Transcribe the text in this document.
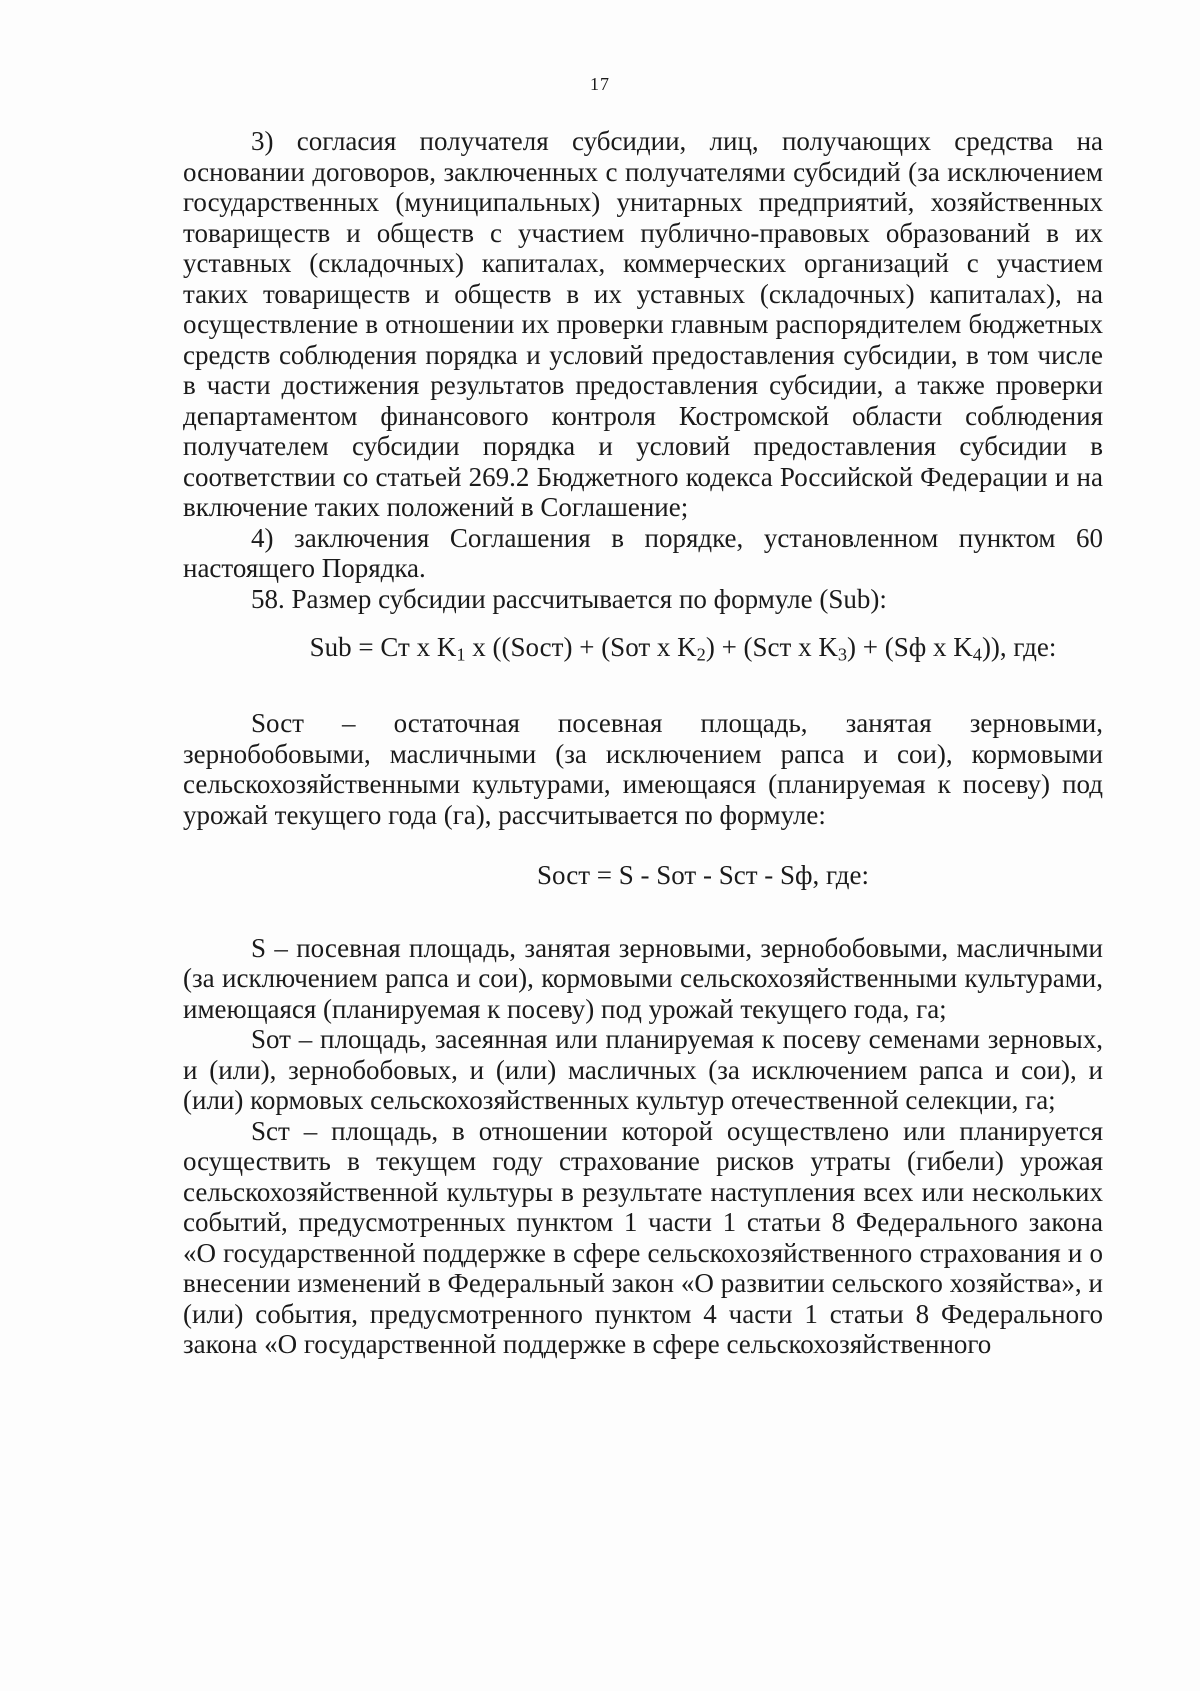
17

3) согласия получателя субсидии, лиц, получающих средства на основании договоров, заключенных с получателями субсидий (за исключением государственных (муниципальных) унитарных предприятий, хозяйственных товариществ и обществ с участием публично-правовых образований в их уставных (складочных) капиталах, коммерческих организаций с участием таких товариществ и обществ в их уставных (складочных) капиталах), на осуществление в отношении их проверки главным распорядителем бюджетных средств соблюдения порядка и условий предоставления субсидии, в том числе в части достижения результатов предоставления субсидии, а также проверки департаментом финансового контроля Костромской области соблюдения получателем субсидии порядка и условий предоставления субсидии в соответствии со статьей 269.2 Бюджетного кодекса Российской Федерации и на включение таких положений в Соглашение;

4) заключения Соглашения в порядке, установленном пунктом 60 настоящего Порядка.

58. Размер субсидии рассчитывается по формуле (Sub):

Sub = Ст х $K_1$ х ((Sост) + (Sот х $K_2) + (Sст$ х $K_3) + (Sф$ х $K_4$)), где:

Sост – остаточная посевная площадь, занятая зерновыми, зернобобовыми, масличными (за исключением рапса и сои), кормовыми сельскохозяйственными культурами, имеющаяся (планируемая к посеву) под урожай текущего года (га), рассчитывается по формуле:

Sост = S - Sот - Sст - Sф, где:

S – посевная площадь, занятая зерновыми, зернобобовыми, масличными (за исключением рапса и сои), кормовыми сельскохозяйственными культурами, имеющаяся (планируемая к посеву) под урожай текущего года, га;

Sот – площадь, засеянная или планируемая к посеву семенами зерновых, и (или), зернобобовых, и (или) масличных (за исключением рапса и сои), и (или) кормовых сельскохозяйственных культур отечественной селекции, га;

Sст – площадь, в отношении которой осуществлено или планируется осуществить в текущем году страхование рисков утраты (гибели) урожая сельскохозяйственной культуры в результате наступления всех или нескольких событий, предусмотренных пунктом 1 части 1 статьи 8 Федерального закона «О государственной поддержке в сфере сельскохозяйственного страхования и о внесении изменений в Федеральный закон «О развитии сельского хозяйства», и (или) события, предусмотренного пунктом 4 части 1 статьи 8 Федерального закона «О государственной поддержке в сфере сельскохозяйственного
